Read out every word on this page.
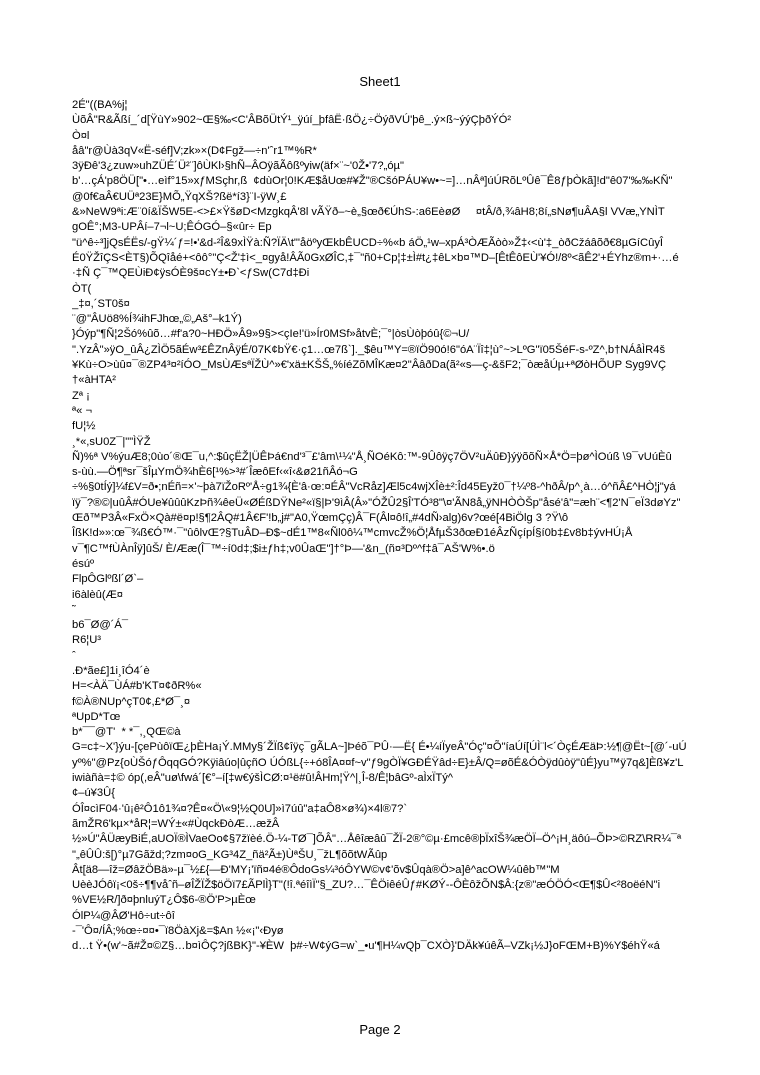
Sheet1
2É"((BA%j¦
ÙõÂ"R&Ãßí_´d[ŸùY»902~Œ§‰<C'ÂBõÜtÝ¹_ÿúí_þfâË·ßÖ¿÷ÖýðVÚ'þê_.ý×ß~ýýÇþðÝÓ²
Ò¤l
åâ"r@Ùà3qV«Ë-séf]V;zk»×(D¢Fgž—÷n'ˆr1™%R*
3ÿÐê'3¿zuw»uhZÜÉ´Ü²¨]ôÙKl›§hÑ–ÂOÿãÃôßºyiw(äf×¨~'0Ž•'7?„óµ"
b'…çÁ'p8ÖÜ["•…eìf°15»xƒMSçhr,ß  ¢dùOr¦0!KÆ$åUœ#¥Ž"®CšóPÁU¥w•~=]…nÂª]úÚRõLºÛê¯Ê8ƒþÒkã]!d"ê07'‰‰KÑ"
@0f€aÂ€UÜª23E}MÕ„ŸqXŠ?ßë*í3}¨I-ÿW¸£
&»NeW9ªi:Æ¨0í&ÏŠW5E-<>£×ŸšøD<MzgkqÂ'8l vÃŸð–~è„§œð€ÚhS-:a6EèøØ     ¤tÂ/ð,¾âH8;8í„sNø¶uÂA§l VVæ„YNÌT
gOÊ°;M3-UPÂí–7¬l~U;ÊÓGÓ–§«ûr÷ Ep
"ü^ê÷³]jQsÉËs/-gŸ¼´ƒ=!•'&d-²Î&9xÌŸà:Ñ?ÏÄ\t"'åöºyŒkbÊUCD÷%«b áÖ„¹w–xpÁ³ÒÆÃòò»Ž‡‹<ù'‡_òðCžáâõð€8µGíCûyÎ
É0ŸŽîÇS<ÈT§)ÕQîåé+<ôô°"Ç<Ž'‡ì<_¤gyå!ÂÃ0GxØÎC,‡¯"ñ0+Cp¦‡±Ì#t¿‡êL×b¤™D–[ÊtÊôEÙ'¥Ó!/8º<ãÊ2'+ÉYhz®m+·…é
·‡Ñ Ç¯™QEÙiÐ¢ÿsÓÈ9š¤cY±•Ð`<ƒSw(C7d‡Ði
ÒT(
_‡¤,´ST0š¤
¨@"ÂUö8%Í¾ihFJhœ„©„Aš°–k1Ý)
}Óýp"¶Ñ¦2Šó%ûõ…#f'a?0~HÐÖ»Â9»9§><çIe!'ü»Ír0MSf»åtvÈ;¯°|òsÙòþóû{©¬U/
".YzÂ"»ÿO_ûÂ¿ZÌÖ5ãÉw³£ÊZnÂÿÉ/07K¢bŸ€·ç1…œ7ß`]._$êu™Y=®ïÖ90ó!6"óA¨Ïî‡¦ù°~>LºG"ï05ŠéF-s-ºZ^,b†NÁåÌR4š
¥Kù÷O>ùû¤¯®ZP4³¤²íÓO_MsÙÆsªÏŽÙ^»€'xä±KŠŠ„%íéZõMÎKæ¤2"ÂâðDa(ã²«s—ç-&šF2;¯òæåÚµ+ªØòHÕUP Syg9VÇ
†«àHTA²
Zª ¡
ª« ¬
fU¦½
¸*«,sU0Z¯|""ÌŸŽ
Ñ)%ª V%ýuÆ8;0ùo´®Œ¯u,^:$ûçËŽ|ÜÊÞá€nd'³¯£'âm\¹¼"Å¸ÑOéKô:™-9Ûôÿç7ÖV²uÄûÐ}ýÿõõÑ×Å*Ö=þø^ÌOúß \9¯vUúÈû
s-ùù.—Ö¶ªsr¯šÎµYmÖ¾hÈ6[¹%>³#´ÎæôEf‹«î‹&ø21ñÂó¬G
÷%§0tÍý]¼f£V=ð•;nÉñ=×'~þà7ïŽoRº'Å÷g1¾{È'â·œ:¤ÉÂ"VcRåz]Æl5c4wjXÎè±²:Îd45Eyž0¯†¼º8-^hðÂ/p^¸à…ó^ñÂ£^HÒ¦j"yá
ïÿ¯?®©|uûÂ#ÓUe¥ûûûKzÞñ¾êeÜ«ØÉßDŸNe²«ï§|Þ'9ìÂ(Â»"ÓŽÛ2§Î'TÓ³8"\¤'ÃN8å„ÿNHÒÒŠp"åsé'â"=æh¨<¶2'N¯eÏ3døYz"
Œð™P3Â«FxÖ×Qà#ë¤p!§¶2ÂQ#1Â€F'!b„j#"A0,ŸœmÇç)Â¯F(Âl¤ô!î„#4dÑ›alg)6v?œé[4BiÖlg 3 ?Ÿ\ô
ÎßK!d»»:œ¯¾ß€Ó™·¯"ûôlvŒ?§TuÂD–Ð$~dÉ1™8«Ñl0ô¼™cmvcŽ%Ö¦ÅfµŠ3ðœÐ1éÂzÑçípÍ§í0b‡£v8b‡ývHÚ¡Å
v¯¶C™fÙÀnÎÿ]ûŠ/ È/Ææ(Î¯™÷í0d‡;$i±ƒh‡;v0ÛaŒ"]†°Þ—'&n_(ñ¤³Dº^f‡â¯AŠ'W%•.ö
ésúº
FlpÔGlºßl´Ø`–
i6àlèû(Æ¤
˜
b6¯Ø@´Á¯
R6¦U³
ˆ
.Ð*ãe£]1i¸îÓ4´è
H=<ÀÄ¯ÙÁ#b'KT¤¢ðR%«
f©À®NUp^çT0¢,£*Ø¯¸¤
ªUpD*Tœ
b*¯¯@T'  * *¯,¸QŒ©à
G=c‡~X'}ýu-[çePùôïŒ¿þÈHa¡Ý.MMy§´ŽÏß¢îÿç¯gÃLA~]Þéõ¯PÛ·—Ë{ É•¼íÏyeÂ"Óç"¤Õ"íaÚí[ÚÌ¨l<´ÒçÉÆäÞ:½¶@Ët~[@´-uÚ
yº%"@Pz{oÙŠóƒÔqqGÓ?Kÿiâúo|ûçñO ÚÓßL{÷+ó8ÎA¤¤f~v"ƒ9gÒÏ¥GÐÉŸâd÷E}±Â/Q=øõÉ&ÓÒÿdûòÿ"ûÉ}yu™ÿ7q&]Èß¥z'L
iwiàñà=‡© óp(,eÂ"uø\fwá´[€°–í[‡w€ýšÌCØ:¤¹ë#û!ÂHm¦Ÿ^|¸Î-8/Ê¦bâGº-aÌxÏTý^
¢–ú¥3Û{
ÓÎ¤cìF04·'û¡ê²Ô1ô1¾¤?Ê¤«Ö\«9¦½Q0U]»ì7úû"a‡aÔ8×ø¾)×4l®7?`
ãmŽR6'kµ×*åR¦=WÝ±«#ÙqckÐòÆ…æžÂ
½»Ú"ÂÜæyBiÉ,aUOÏ®ÌVaeOo¢§7žïèé.Ö-¼-TØ¯]ÕÂ"…Åêîæâû¯ŽÏ-2®°©µ·£mcê®þÏxîŠ¾æÖÏ–Ö^¡H¸äôú–ÕÞ>©RZ\RR¼¯ª
"„êÛÛ:š[)°µ7Gãžd;?zm¤oG_KG³4Z_ñä²Ã±)ÙªŠU¸¯žL¶õõtWÃûp
Ât[ä8—îž=ØâžÖBä»-µ¯½£{—Ð'MY¡'ïñ¤4é®ÔdoGs¼³óÔYW©v¢'õv$Ûqà®Ö>a]ê^acOW¼ûêb™"M
UèèJÓôï¡<0š÷¶¶våˆñ–øÎŽÏŽ$öÖï7£ÃPlÌ}T"(!î.ªéîìÏ"§_ZU?…¯ÊÖiêéÛƒ#KØÝ-‐ÔÈôžÕN$Â:{z®"æÓÖÓ<Œ¶$Û<²8oëéN"i
%VE½R/]ð¤þnluýT¿Ô$6-®Ö'P>µÈœ
ÓlP¼@ÂØ'Hô÷ut÷ôî
-¯'Ô¤/ÍÂ;%œ÷¤¤•¯ï8ÖàXj&=$An ½«¡"‹Ðyø
d…t Ÿ•(w'~ã#Ž¤©Z§…b¤ìÔÇ?jßBK}"-¥ÈW  þ#÷W¢ýG=w`_•u'¶H¼vQþ¯CXÒ}'DÄk¥úêÃ–VZk¡½J}oFŒM+B)%Y$éhŸ«á
Page 2
